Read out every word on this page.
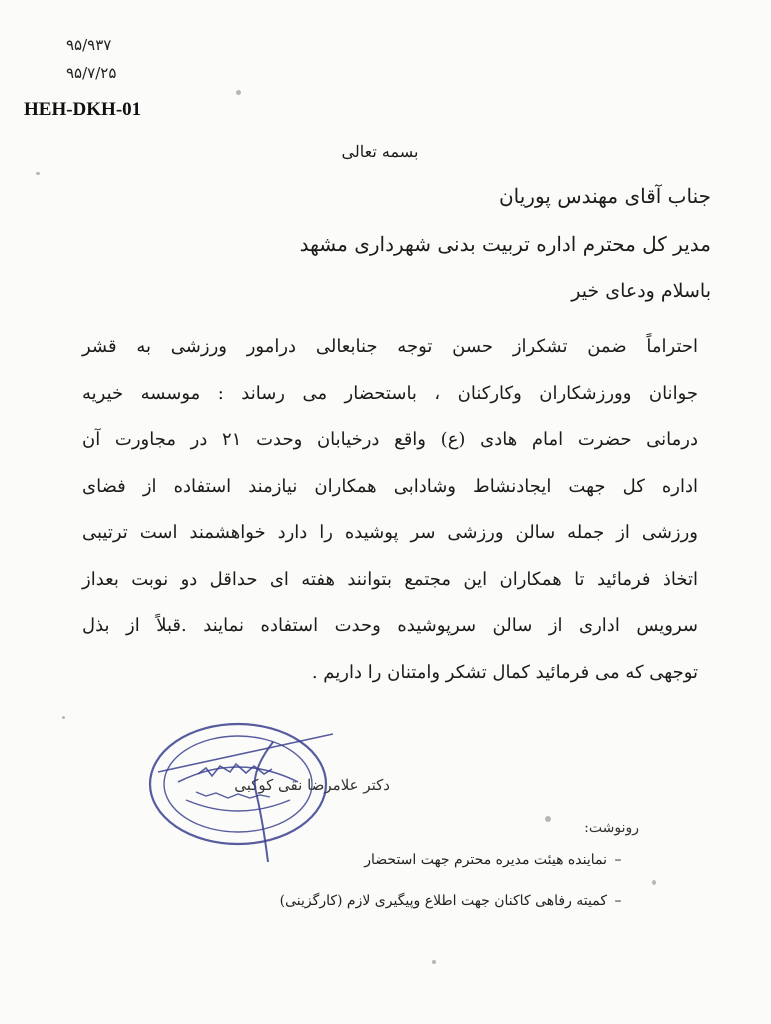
۹۵/۹۳۷
۹۵/۷/۲۵
HEH-DKH-01
بسمه تعالی
جناب آقای مهندس پوریان
مدیر کل محترم اداره تربیت بدنی شهرداری مشهد
باسلام ودعای خیر
احتراماً ضمن تشکراز حسن توجه جنابعالی درامور ورزشی به قشر
جوانان وورزشکاران وکارکنان ، باستحضار می رساند : موسسه خیریه
درمانی حضرت امام هادی (ع) واقع درخیابان وحدت ۲۱ در مجاورت آن
اداره کل جهت ایجادنشاط وشادابی همکاران نیازمند استفاده از فضای
ورزشی از جمله سالن ورزشی سر پوشیده را دارد خواهشمند است ترتیبی
اتخاذ فرمائید تا همکاران این مجتمع بتوانند هفته ای حداقل دو نوبت بعداز
سرویس اداری از سالن سرپوشیده وحدت استفاده نمایند .قبلاً از بذل
توجهی که می فرمائید کمال تشکر وامتنان را داریم .
دکتر علامرضا نقی کوکبی
رونوشت:
–نماینده هیئت مدیره محترم جهت استحضار
–کمیته رفاهی کاکنان جهت اطلاع وپیگیری لازم (کارگزینی)
